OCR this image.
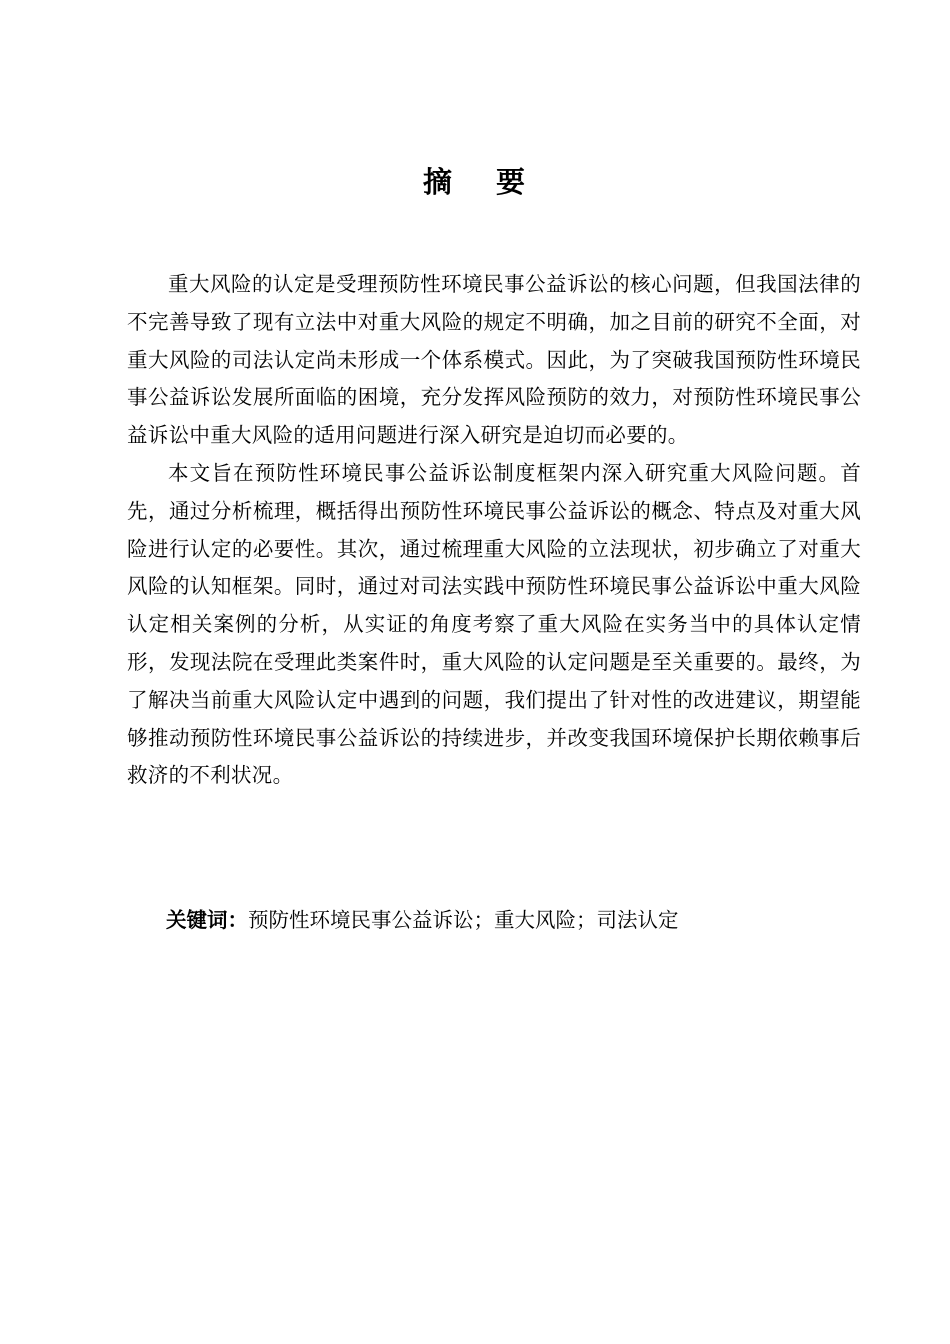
摘 要

重大风险的认定是受理预防性环境民事公益诉讼的核心问题，但我国法律的不完善导致了现有立法中对重大风险的规定不明确，加之目前的研究不全面，对重大风险的司法认定尚未形成一个体系模式。因此，为了突破我国预防性环境民事公益诉讼发展所面临的困境，充分发挥风险预防的效力，对预防性环境民事公益诉讼中重大风险的适用问题进行深入研究是迫切而必要的。

本文旨在预防性环境民事公益诉讼制度框架内深入研究重大风险问题。首先，通过分析梳理，概括得出预防性环境民事公益诉讼的概念、特点及对重大风险进行认定的必要性。其次，通过梳理重大风险的立法现状，初步确立了对重大风险的认知框架。同时，通过对司法实践中预防性环境民事公益诉讼中重大风险认定相关案例的分析，从实证的角度考察了重大风险在实务当中的具体认定情形，发现法院在受理此类案件时，重大风险的认定问题是至关重要的。最终，为了解决当前重大风险认定中遇到的问题，我们提出了针对性的改进建议，期望能够推动预防性环境民事公益诉讼的持续进步，并改变我国环境保护长期依赖事后救济的不利状况。

关键词：预防性环境民事公益诉讼；重大风险；司法认定
